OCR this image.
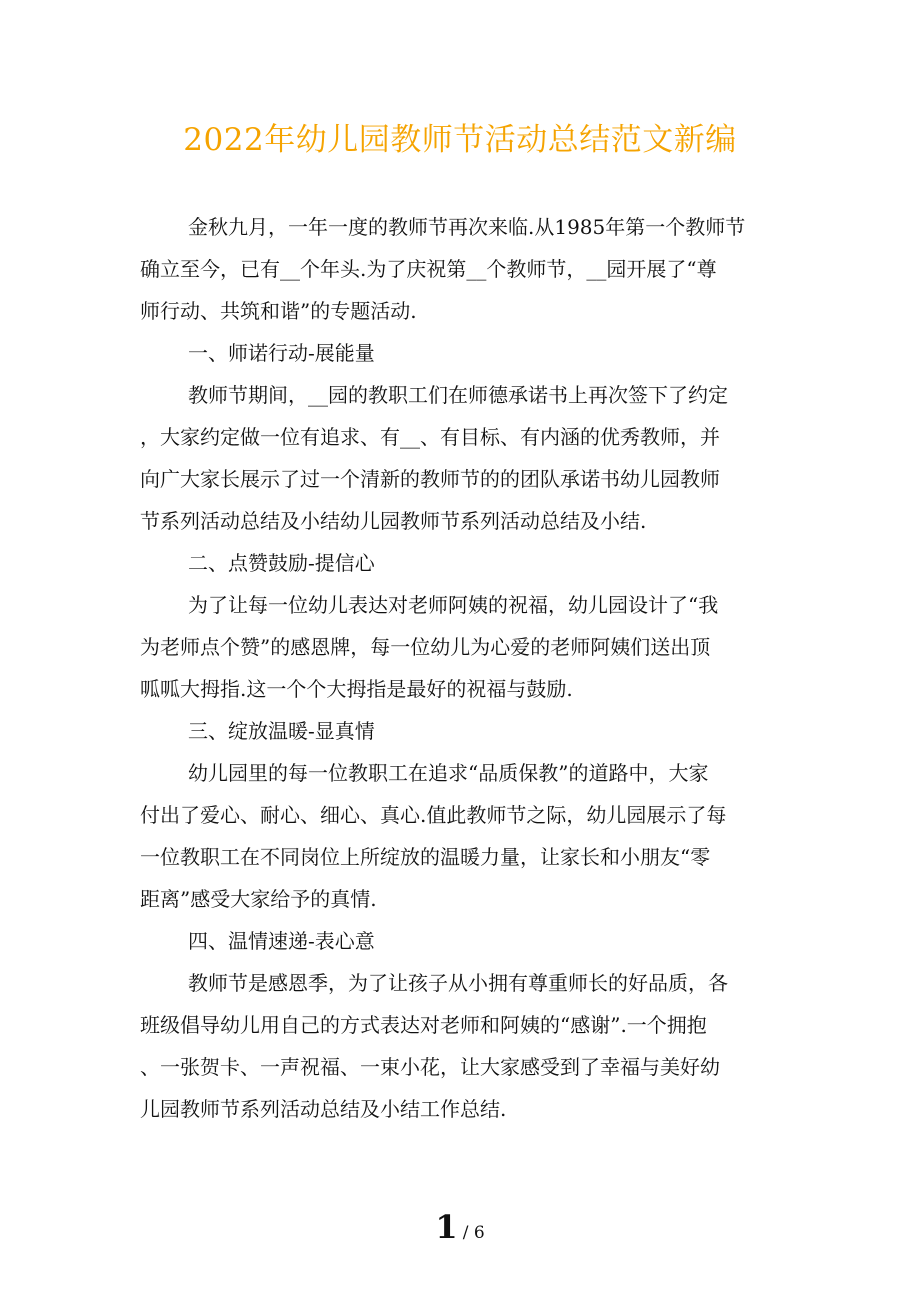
2022年幼儿园教师节活动总结范文新编
金秋九月，一年一度的教师节再次来临.从1985年第一个教师节
确立至今，已有__个年头.为了庆祝第__个教师节，__园开展了“尊
师行动、共筑和谐”的专题活动.
一、师诺行动-展能量
教师节期间，__园的教职工们在师德承诺书上再次签下了约定
，大家约定做一位有追求、有__、有目标、有内涵的优秀教师，并
向广大家长展示了过一个清新的教师节的的团队承诺书幼儿园教师
节系列活动总结及小结幼儿园教师节系列活动总结及小结.
二、点赞鼓励-提信心
为了让每一位幼儿表达对老师阿姨的祝福，幼儿园设计了“我
为老师点个赞”的感恩牌，每一位幼儿为心爱的老师阿姨们送出顶
呱呱大拇指.这一个个大拇指是最好的祝福与鼓励.
三、绽放温暖-显真情
幼儿园里的每一位教职工在追求“品质保教”的道路中，大家
付出了爱心、耐心、细心、真心.值此教师节之际，幼儿园展示了每
一位教职工在不同岗位上所绽放的温暖力量，让家长和小朋友“零
距离”感受大家给予的真情.
四、温情速递-表心意
教师节是感恩季，为了让孩子从小拥有尊重师长的好品质，各
班级倡导幼儿用自己的方式表达对老师和阿姨的“感谢”.一个拥抱
、一张贺卡、一声祝福、一束小花，让大家感受到了幸福与美好幼
儿园教师节系列活动总结及小结工作总结.
1 / 6
